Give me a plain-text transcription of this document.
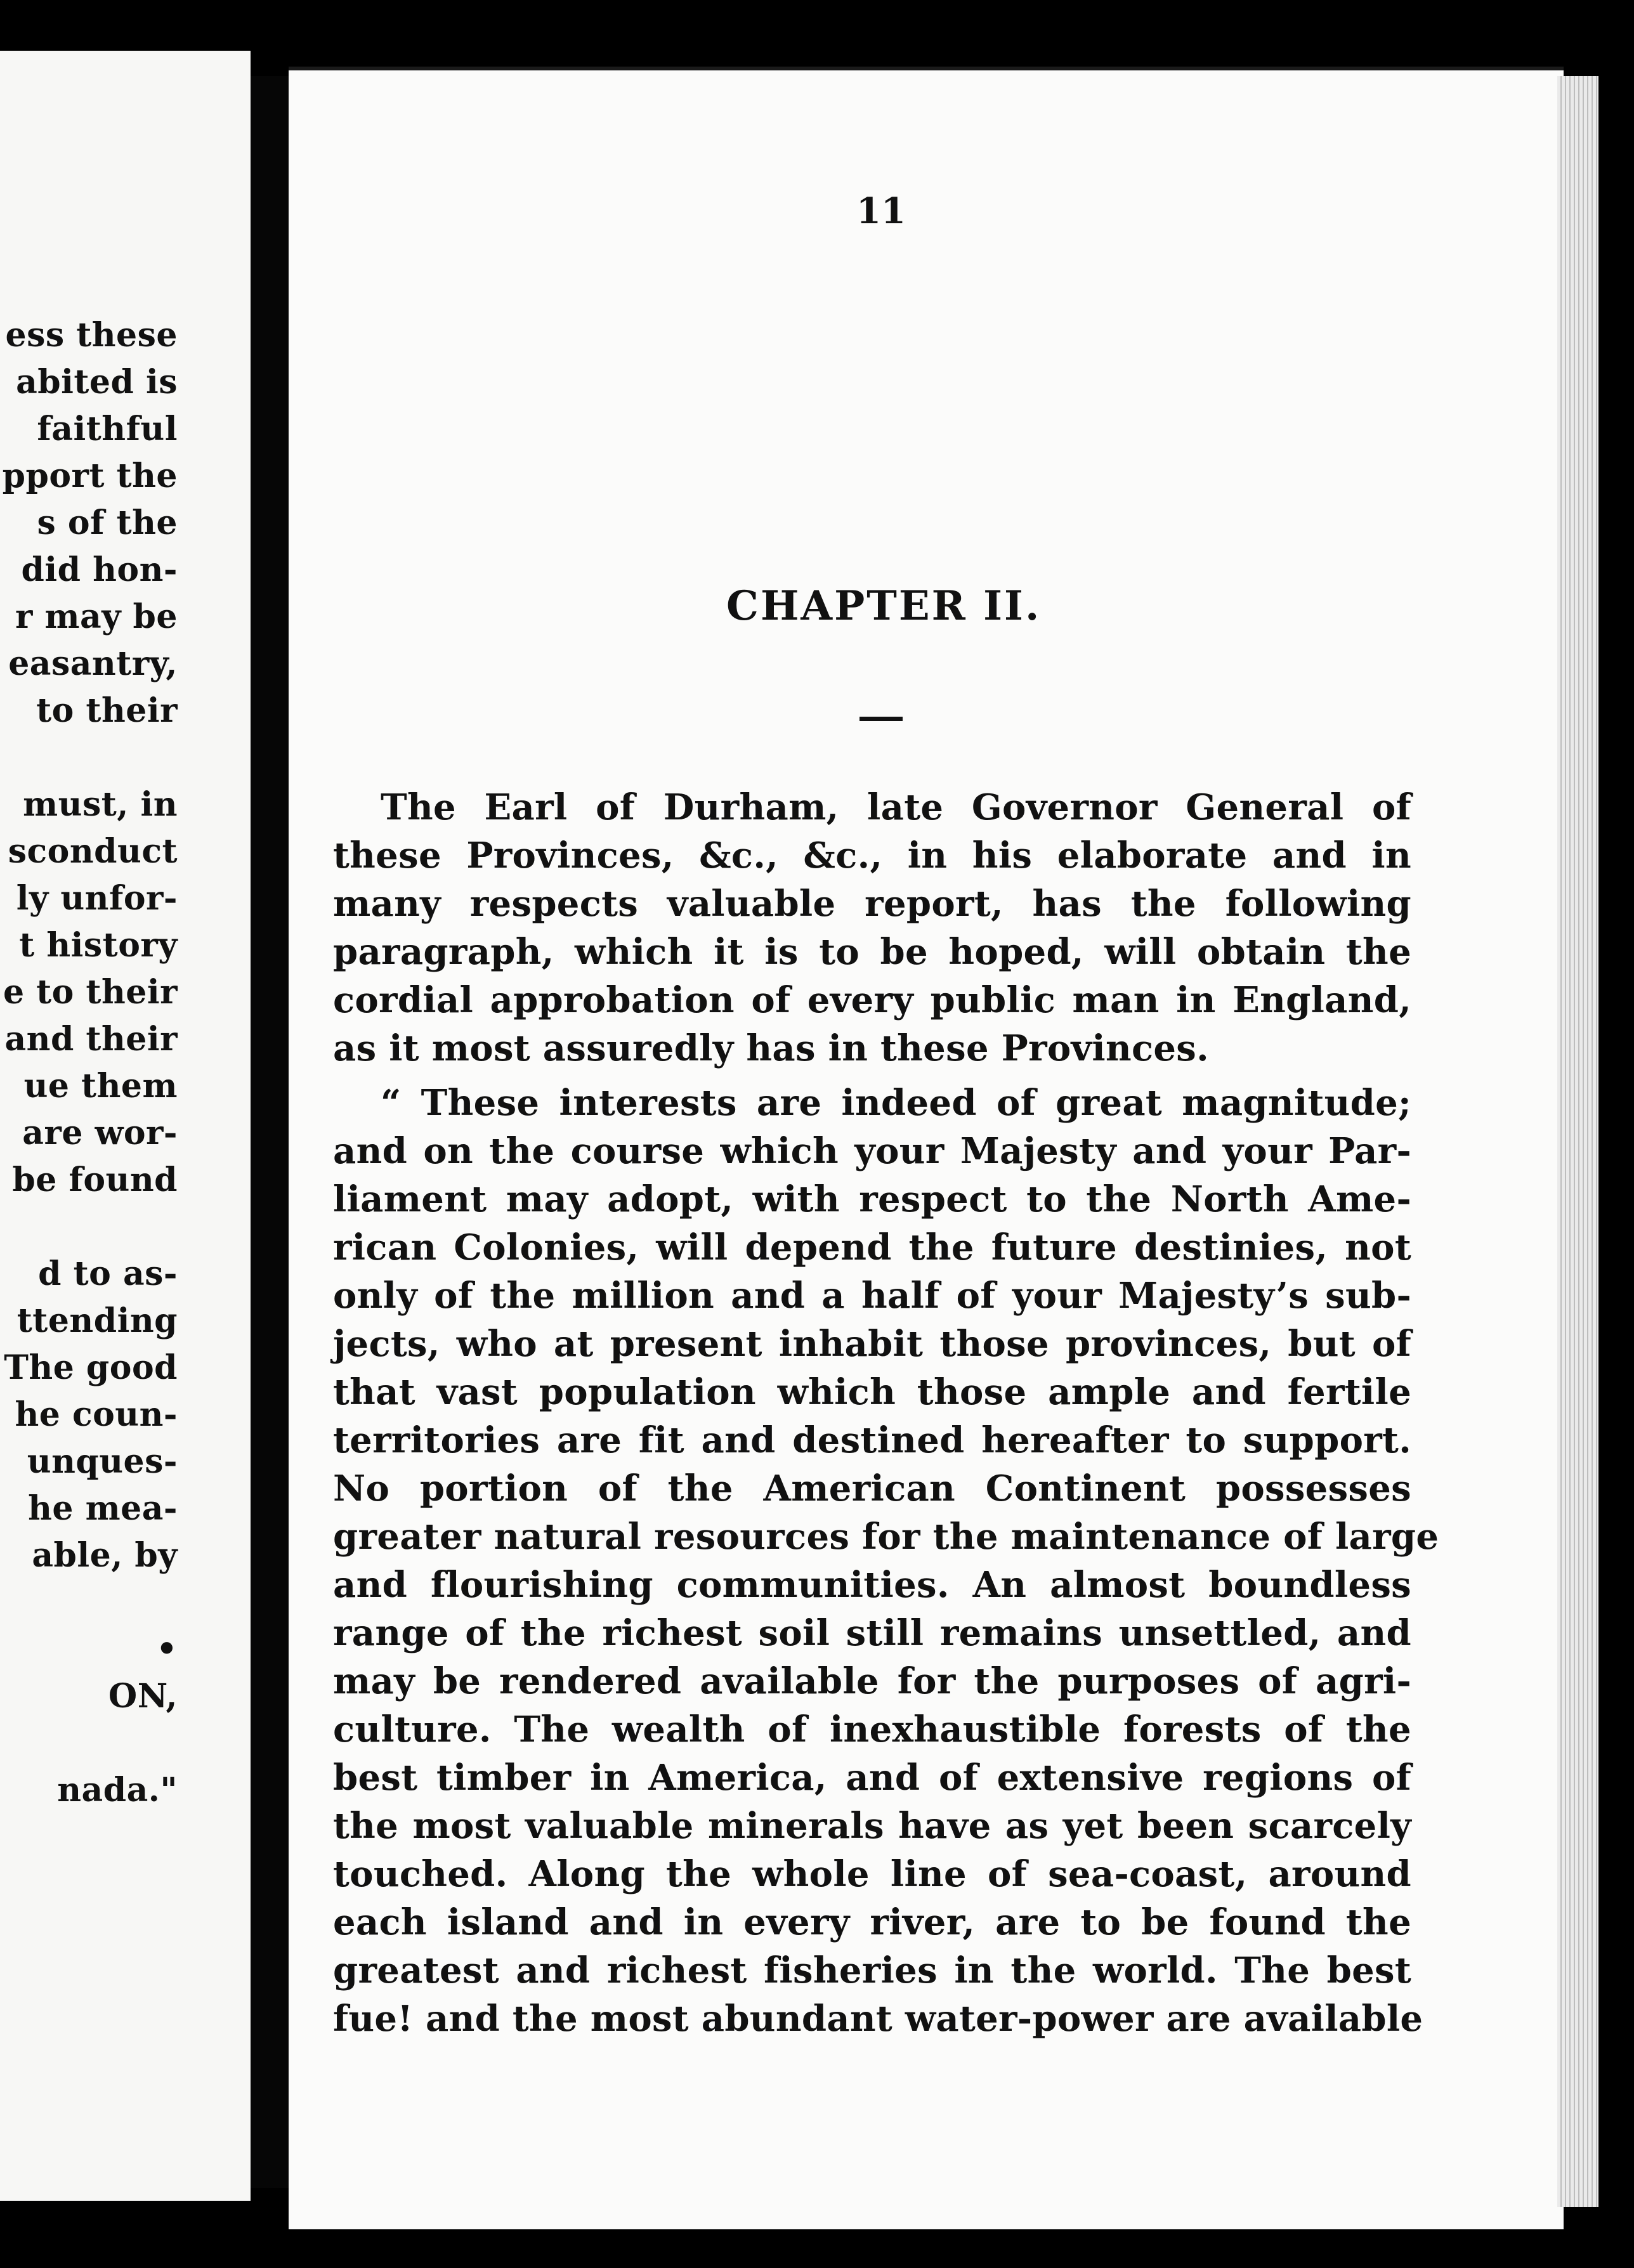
ess these
abited is
faithful
pport the
s of the
did hon-
r may be
easantry,
to their
must, in
sconduct
ly unfor-
t history
e to their
and their
ue them
are wor-
be found
d to as-
ttending
The good
he coun-
unques-
he mea-
able, by
•
ON,
nada."
11
CHAPTER II.
The Earl of Durham, late Governor General of
these Provinces, &c., &c., in his elaborate and in
many respects valuable report, has the following
paragraph, which it is to be hoped, will obtain the
cordial approbation of every public man in England,
as it most assuredly has in these Provinces.
“ These interests are indeed of great magnitude;
and on the course which your Majesty and your Par-
liament may adopt, with respect to the North Ame-
rican Colonies, will depend the future destinies, not
only of the million and a half of your Majesty’s sub-
jects, who at present inhabit those provinces, but of
that vast population which those ample and fertile
territories are fit and destined hereafter to support.
No portion of the American Continent possesses
greater natural resources for the maintenance of large
and flourishing communities. An almost boundless
range of the richest soil still remains unsettled, and
may be rendered available for the purposes of agri-
culture. The wealth of inexhaustible forests of the
best timber in America, and of extensive regions of
the most valuable minerals have as yet been scarcely
touched. Along the whole line of sea-coast, around
each island and in every river, are to be found the
greatest and richest fisheries in the world. The best
fue! and the most abundant water-power are available
